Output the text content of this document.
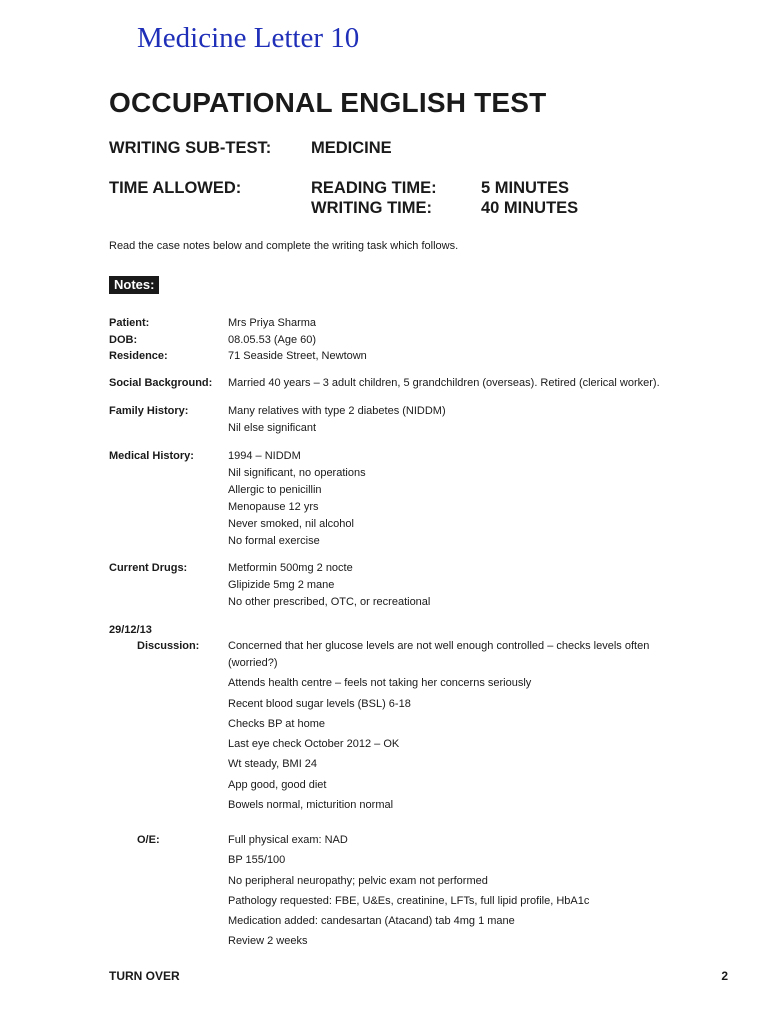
Medicine Letter 10
OCCUPATIONAL ENGLISH TEST
WRITING SUB-TEST: MEDICINE
TIME ALLOWED:	READING TIME:	5 MINUTES
WRITING TIME:	40 MINUTES
Read the case notes below and complete the writing task which follows.
Notes:
Patient:	Mrs Priya Sharma
DOB:	08.05.53 (Age 60)
Residence:	71 Seaside Street, Newtown
Social Background: Married 40 years – 3 adult children, 5 grandchildren (overseas). Retired (clerical worker).
Family History:	Many relatives with type 2 diabetes (NIDDM)
Nil else significant
Medical History:	1994 – NIDDM
Nil significant, no operations
Allergic to penicillin
Menopause 12 yrs
Never smoked, nil alcohol
No formal exercise
Current Drugs:	Metformin 500mg 2 nocte
Glipizide 5mg 2 mane
No other prescribed, OTC, or recreational
29/12/13
Discussion:	Concerned that her glucose levels are not well enough controlled – checks levels often
(worried?)
Attends health centre – feels not taking her concerns seriously
Recent blood sugar levels (BSL) 6-18
Checks BP at home
Last eye check October 2012 – OK
Wt steady, BMI 24
App good, good diet
Bowels normal, micturition normal
O/E:	Full physical exam: NAD
BP 155/100
No peripheral neuropathy; pelvic exam not performed
Pathology requested: FBE, U&Es, creatinine, LFTs, full lipid profile, HbA1c
Medication added: candesartan (Atacand) tab 4mg 1 mane
Review 2 weeks
TURN OVER	2
